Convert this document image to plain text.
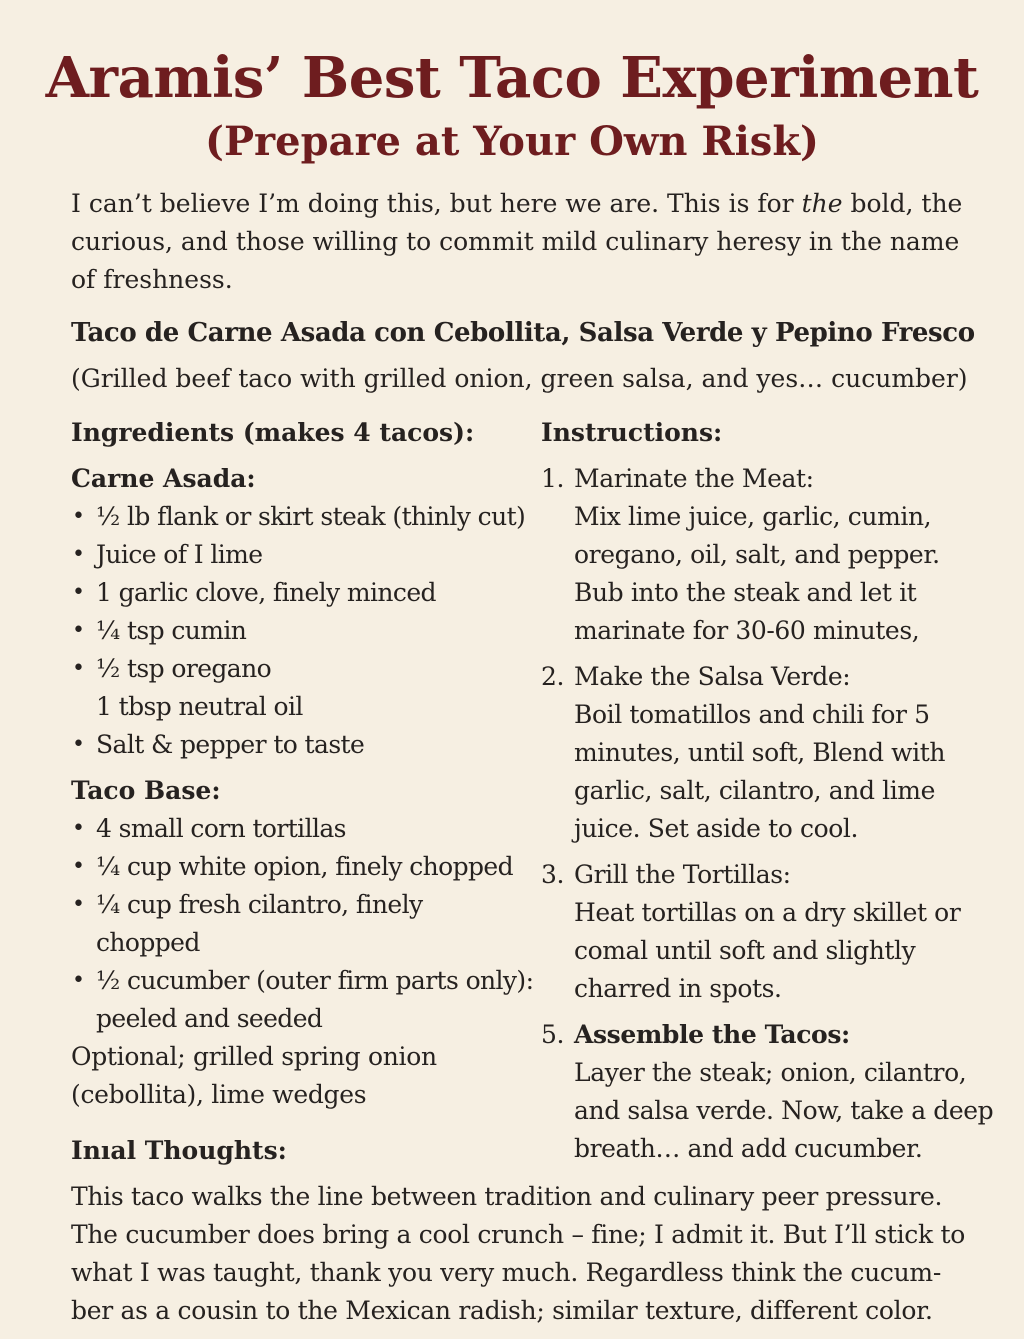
Aramis’ Best Taco Experiment
(Prepare at Your Own Risk)

I can’t believe I’m doing this, but here we are. This is for the bold, the curious, and those willing to commit mild culinary heresy in the name of freshness.

Taco de Carne Asada con Cebollita, Salsa Verde y Pepino Fresco
(Grilled beef taco with grilled onion, green salsa, and yes… cucumber)
Ingredients (makes 4 tacos):
Carne Asada:
• ½ lb flank or skirt steak (thinly cut)
• Juice of I lime
• 1 garlic clove, finely minced
• ¼ tsp cumin
• ½ tsp oregano
1 tbsp neutral oil
• Salt & pepper to taste
Taco Base:
• 4 small corn tortillas
• ¼ cup white opion, finely chopped
• ¼ cup fresh cilantro, finely chopped
• ½ cucumber (outer firm parts only): peeled and seeded
Optional; grilled spring onion (cebollita), lime wedges
Instructions:
1. Marinate the Meat:
Mix lime juice, garlic, cumin, oregano, oil, salt, and pepper. Bub into the steak and let it marinate for 30-60 minutes,
2. Make the Salsa Verde:
Boil tomatillos and chili for 5 minutes, until soft, Blend with garlic, salt, cilantro, and lime juice. Set aside to cool.
3. Grill the Tortillas:
Heat tortillas on a dry skillet or comal until soft and slightly charred in spots.
5. Assemble the Tacos:
Layer the steak; onion, cilantro, and salsa verde. Now, take a deep breath… and add cucumber.
Inıal Thoughts:

This taco walks the line between tradition and culinary peer pressure. The cucumber does bring a cool crunch – fine; I admit it. But I’ll stick to what I was taught, thank you very much. Regardless think the cucum-ber as a cousin to the Mexican radish; similar texture, different color.
